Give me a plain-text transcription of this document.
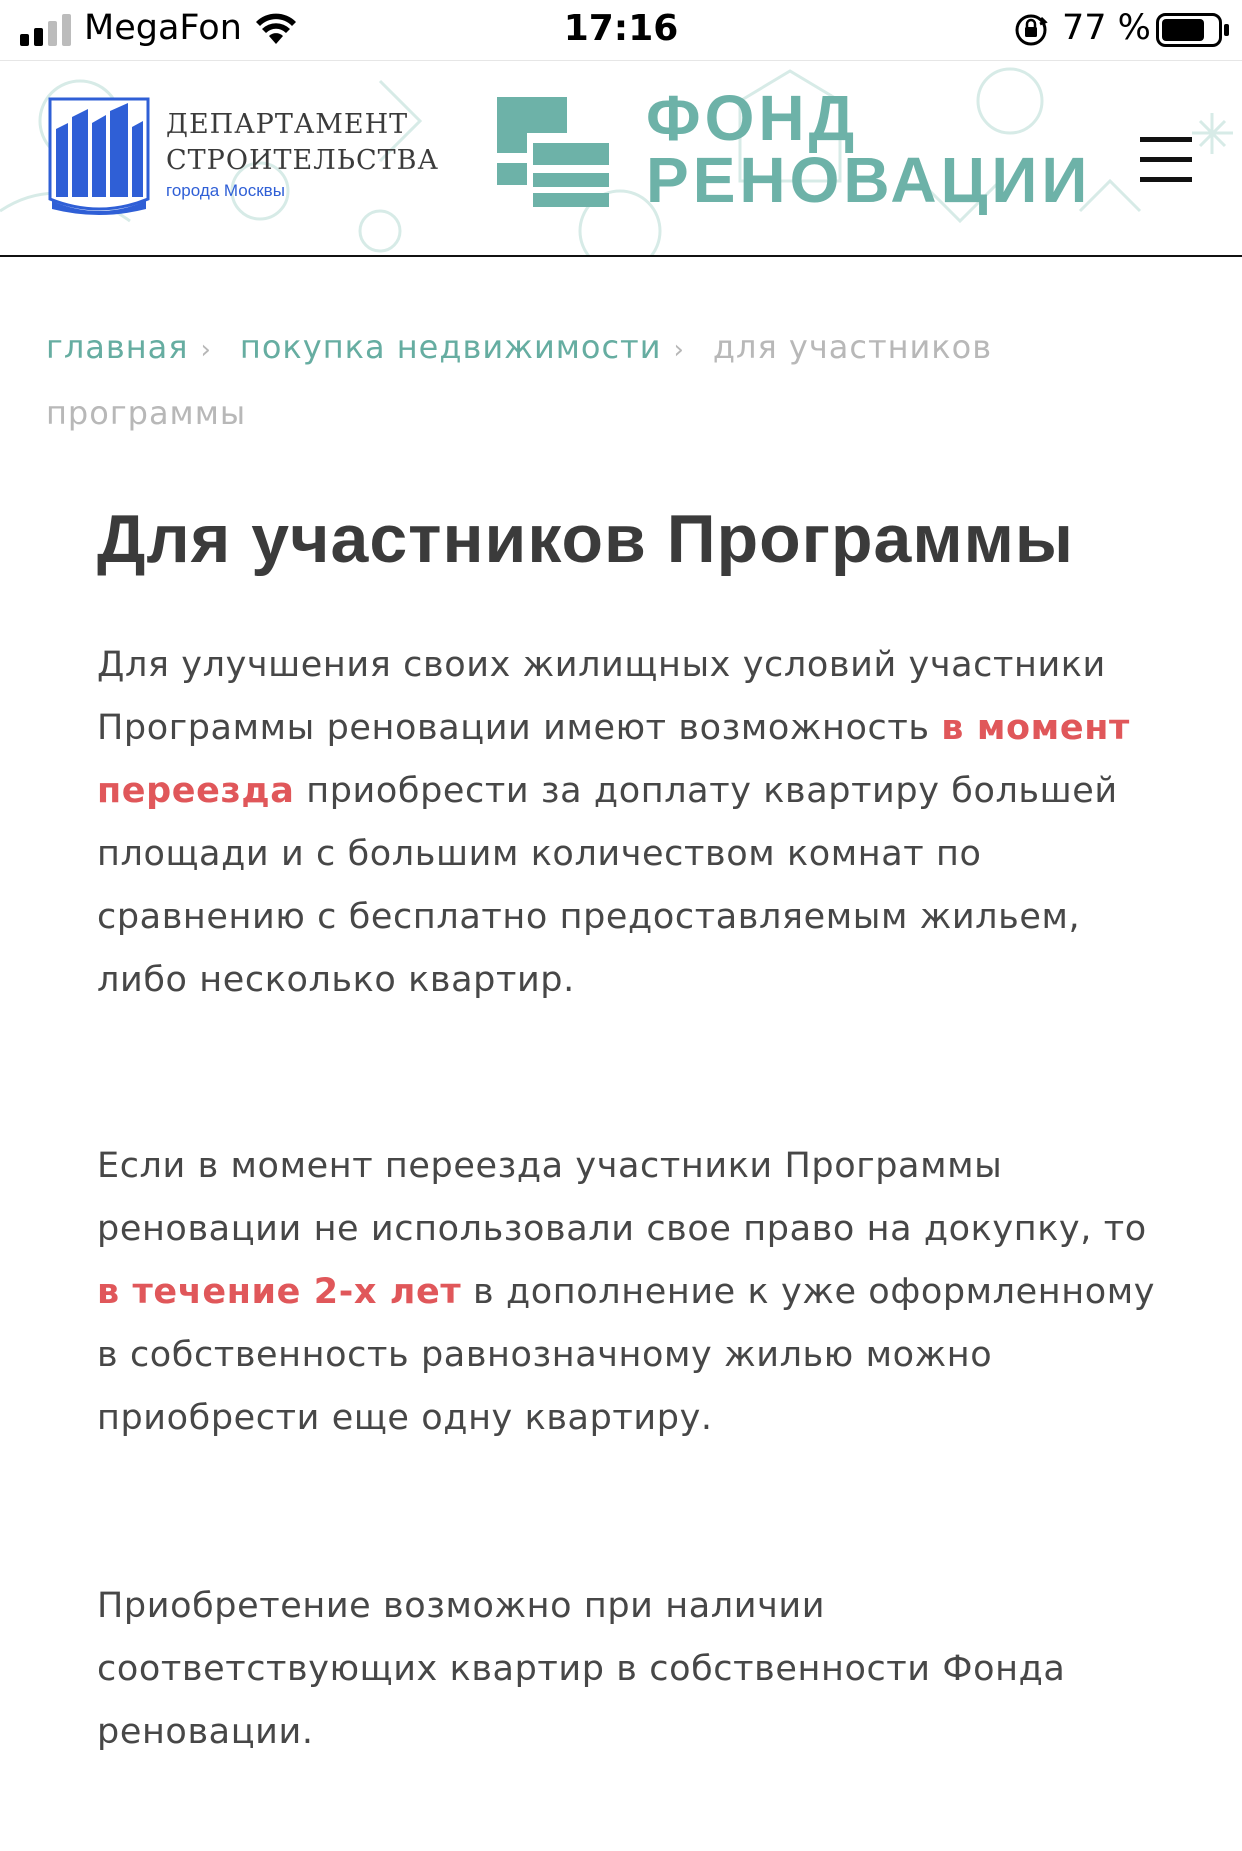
MegaFon	17:16	77 %
ДЕПАРТАМЕНТ
СТРОИТЕЛЬСТВА
города Москвы
ФОНД
РЕНОВАЦИИ
главная › покупка недвижимости › для участников программы
Для участников Программы

Для улучшения своих жилищных условий участники Программы реновации имеют возможность в момент переезда приобрести за доплату квартиру большей площади и с большим количеством комнат по сравнению с бесплатно предоставляемым жильем, либо несколько квартир.

Если в момент переезда участники Программы реновации не использовали свое право на докупку, то в течение 2-х лет в дополнение к уже оформленному в собственность равнозначному жилью можно приобрести еще одну квартиру.

Приобретение возможно при наличии соответствующих квартир в собственности Фонда реновации.
